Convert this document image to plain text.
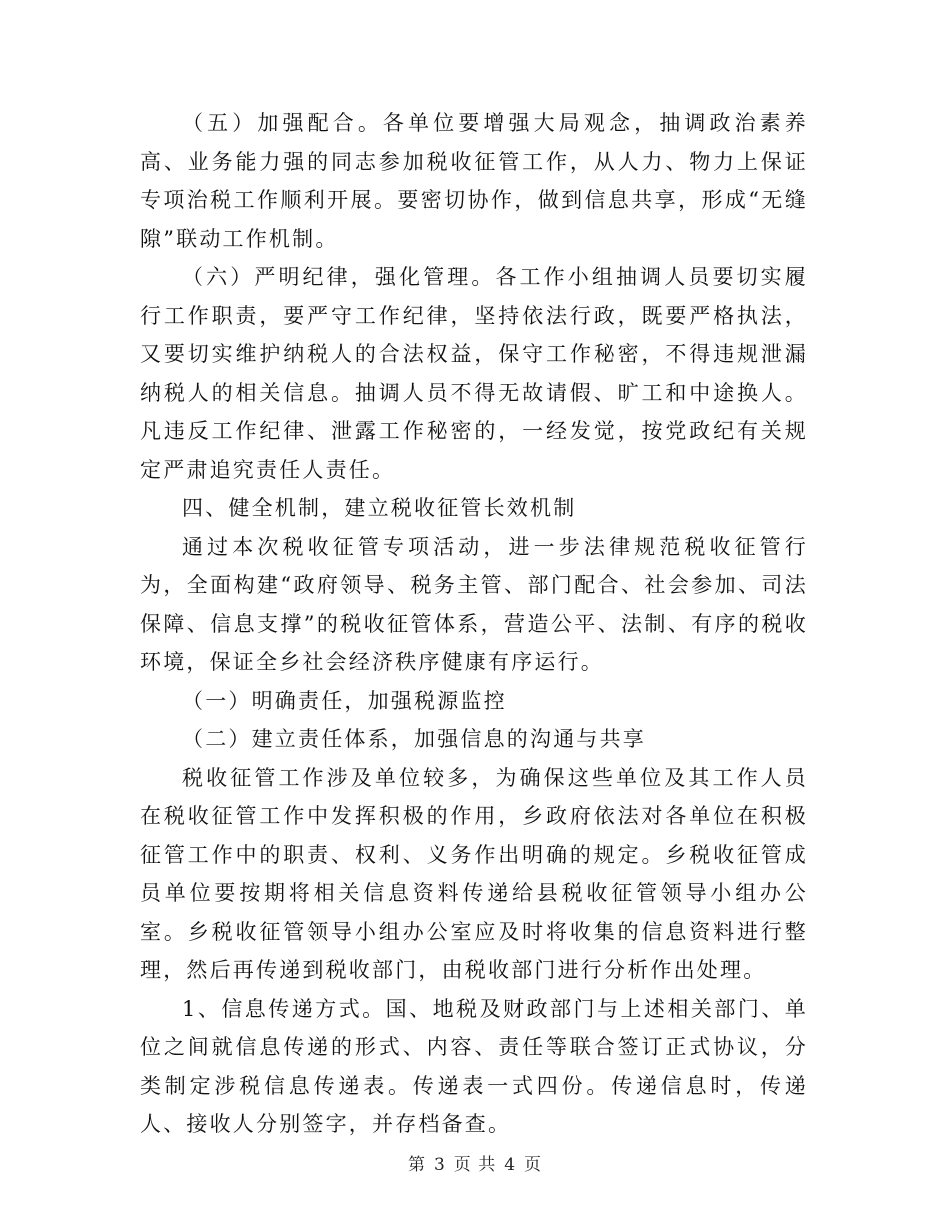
（五）加强配合。各单位要增强大局观念，抽调政治素养高、业务能力强的同志参加税收征管工作，从人力、物力上保证专项治税工作顺利开展。要密切协作，做到信息共享，形成“无缝隙”联动工作机制。

（六）严明纪律，强化管理。各工作小组抽调人员要切实履行工作职责，要严守工作纪律，坚持依法行政，既要严格执法，又要切实维护纳税人的合法权益，保守工作秘密，不得违规泄漏纳税人的相关信息。抽调人员不得无故请假、旷工和中途换人。凡违反工作纪律、泄露工作秘密的，一经发觉，按党政纪有关规定严肃追究责任人责任。

四、健全机制，建立税收征管长效机制

通过本次税收征管专项活动，进一步法律规范税收征管行为，全面构建“政府领导、税务主管、部门配合、社会参加、司法保障、信息支撑”的税收征管体系，营造公平、法制、有序的税收环境，保证全乡社会经济秩序健康有序运行。

（一）明确责任，加强税源监控

（二）建立责任体系，加强信息的沟通与共享

税收征管工作涉及单位较多，为确保这些单位及其工作人员在税收征管工作中发挥积极的作用，乡政府依法对各单位在积极征管工作中的职责、权利、义务作出明确的规定。乡税收征管成员单位要按期将相关信息资料传递给县税收征管领导小组办公室。乡税收征管领导小组办公室应及时将收集的信息资料进行整理，然后再传递到税收部门，由税收部门进行分析作出处理。

1、信息传递方式。国、地税及财政部门与上述相关部门、单位之间就信息传递的形式、内容、责任等联合签订正式协议，分类制定涉税信息传递表。传递表一式四份。传递信息时，传递人、接收人分别签字，并存档备查。

第 3 页 共 4 页
